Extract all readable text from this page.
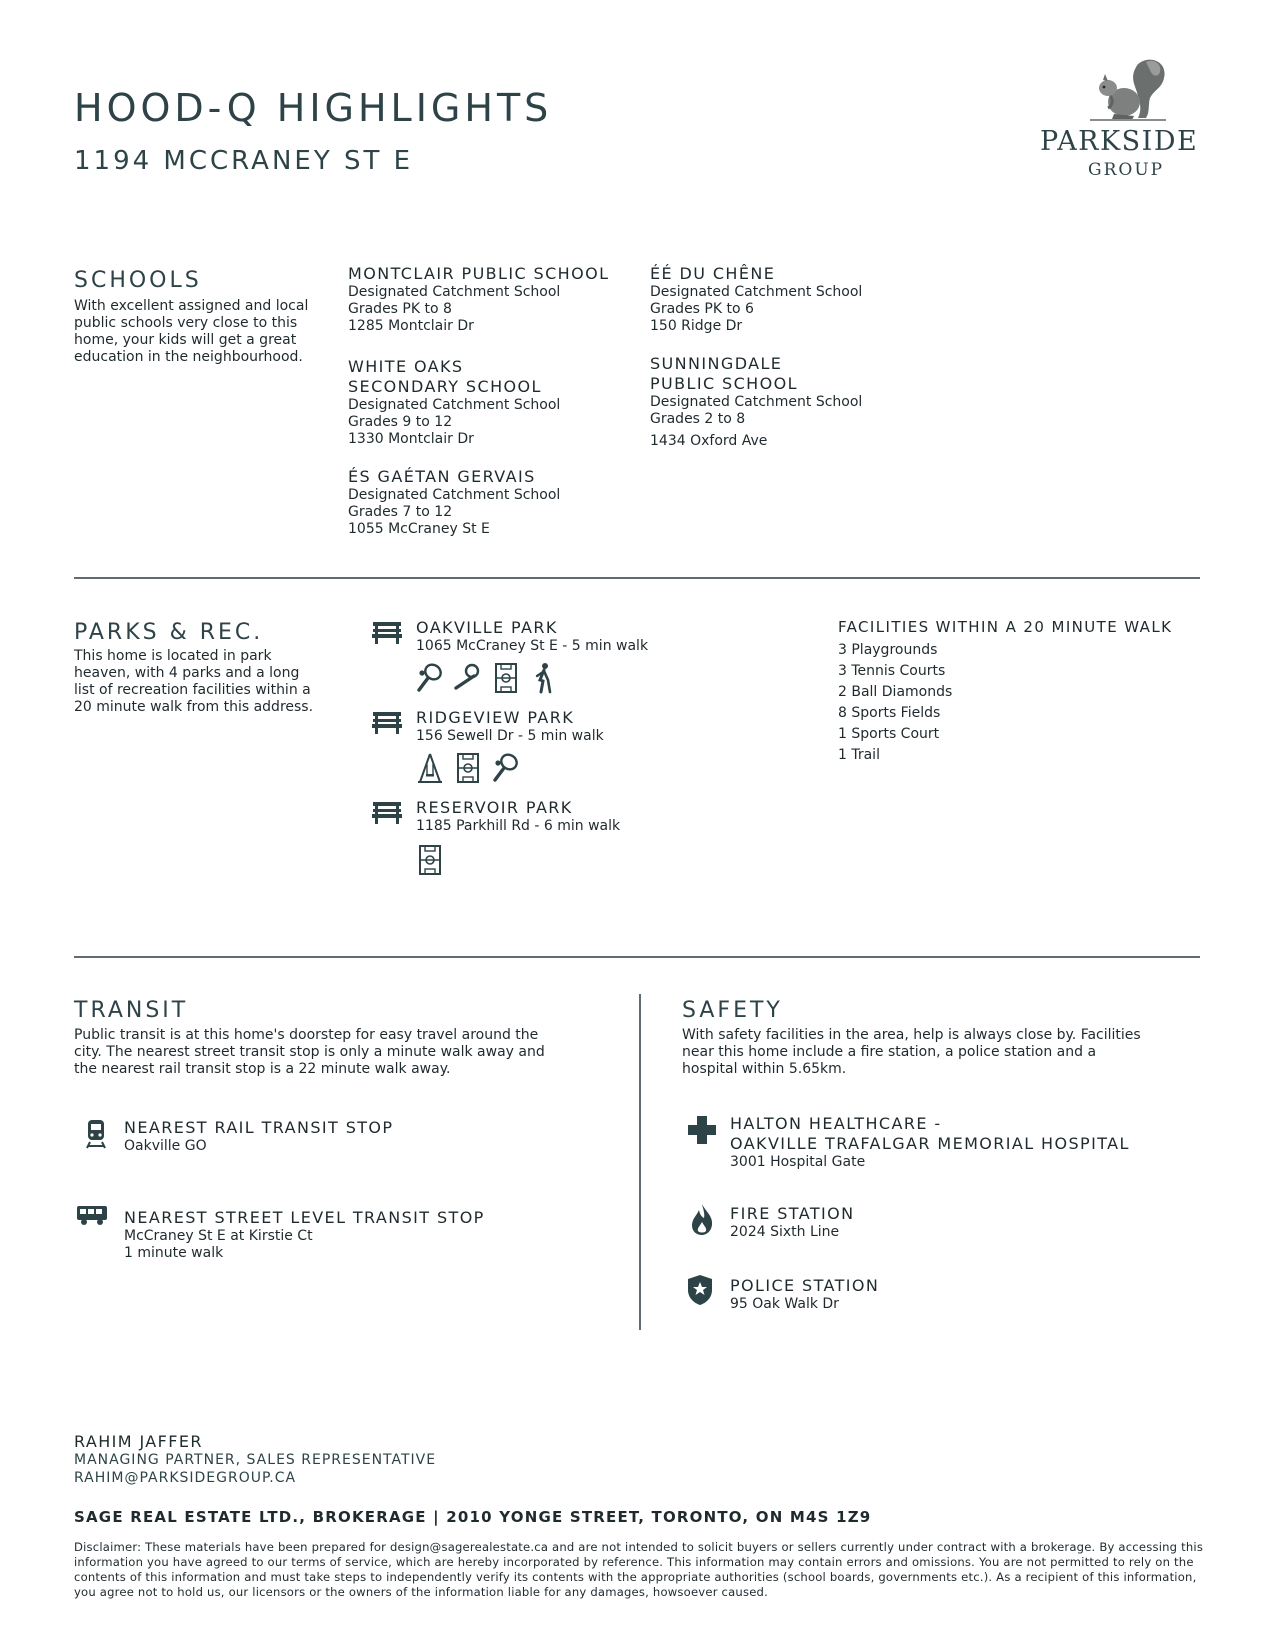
HOOD-Q HIGHLIGHTS
1194 MCCRANEY ST E
PARKSIDE
GROUP
SCHOOLS
With excellent assigned and local public schools very close to this home, your kids will get a great education in the neighbourhood.
MONTCLAIR PUBLIC SCHOOL
Designated Catchment School
Grades PK to 8
1285 Montclair Dr
WHITE OAKS
SECONDARY SCHOOL
Designated Catchment School
Grades 9 to 12
1330 Montclair Dr
ÉS GAÉTAN GERVAIS
Designated Catchment School
Grades 7 to 12
1055 McCraney St E
ÉÉ DU CHÊNE
Designated Catchment School
Grades PK to 6
150 Ridge Dr
SUNNINGDALE
PUBLIC SCHOOL
Designated Catchment School
Grades 2 to 8
1434 Oxford Ave
PARKS & REC.
This home is located in park heaven, with 4 parks and a long list of recreation facilities within a 20 minute walk from this address.
OAKVILLE PARK
1065 McCraney St E - 5 min walk
RIDGEVIEW PARK
156 Sewell Dr - 5 min walk
RESERVOIR PARK
1185 Parkhill Rd - 6 min walk
FACILITIES WITHIN A 20 MINUTE WALK
3 Playgrounds
3 Tennis Courts
2 Ball Diamonds
8 Sports Fields
1 Sports Court
1 Trail
TRANSIT
Public transit is at this home's doorstep for easy travel around the city. The nearest street transit stop is only a minute walk away and the nearest rail transit stop is a 22 minute walk away.
NEAREST RAIL TRANSIT STOP
Oakville GO
NEAREST STREET LEVEL TRANSIT STOP
McCraney St E at Kirstie Ct
1 minute walk
SAFETY
With safety facilities in the area, help is always close by. Facilities near this home include a fire station, a police station and a hospital within 5.65km.
HALTON HEALTHCARE -
OAKVILLE TRAFALGAR MEMORIAL HOSPITAL
3001 Hospital Gate
FIRE STATION
2024 Sixth Line
POLICE STATION
95 Oak Walk Dr
RAHIM JAFFER
MANAGING PARTNER, SALES REPRESENTATIVE
RAHIM@PARKSIDEGROUP.CA
SAGE REAL ESTATE LTD., BROKERAGE | 2010 YONGE STREET, TORONTO, ON M4S 1Z9
Disclaimer: These materials have been prepared for design@sagerealestate.ca and are not intended to solicit buyers or sellers currently under contract with a brokerage. By accessing this information you have agreed to our terms of service, which are hereby incorporated by reference. This information may contain errors and omissions. You are not permitted to rely on the contents of this information and must take steps to independently verify its contents with the appropriate authorities (school boards, governments etc.). As a recipient of this information, you agree not to hold us, our licensors or the owners of the information liable for any damages, howsoever caused.
